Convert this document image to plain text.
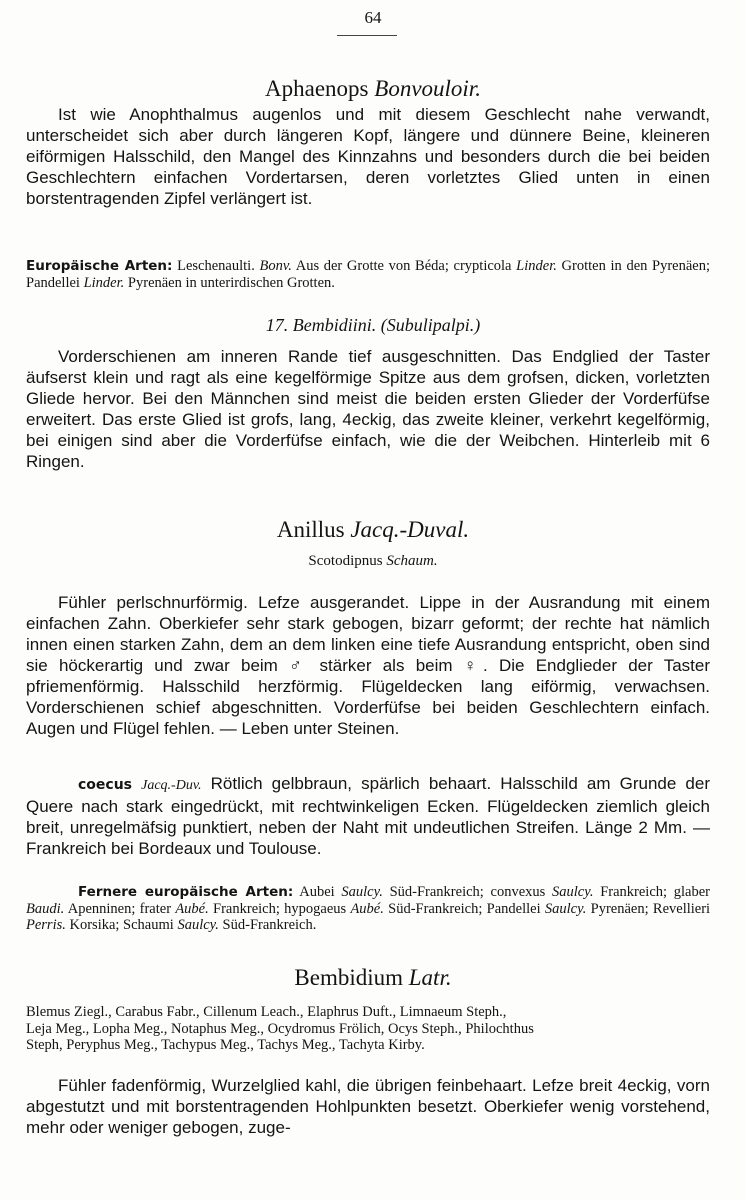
64
Aphaenops Bonvouloir.

Ist wie Anophthalmus augenlos und mit diesem Geschlecht nahe verwandt, unterscheidet sich aber durch längeren Kopf, längere und dünnere Beine, kleineren eiförmigen Halsschild, den Mangel des Kinnzahns und besonders durch die bei beiden Geschlechtern einfachen Vordertarsen, deren vorletztes Glied unten in einen borstentragenden Zipfel verlängert ist.

Europäische Arten: Leschenaulti. Bonv. Aus der Grotte von Béda; crypticola Linder. Grotten in den Pyrenäen; Pandellei Linder. Pyrenäen in unterirdischen Grotten.

17. Bembidiini. (Subulipalpi.)

Vorderschienen am inneren Rande tief ausgeschnitten. Das Endglied der Taster äufserst klein und ragt als eine kegelförmige Spitze aus dem grofsen, dicken, vorletzten Gliede hervor. Bei den Männchen sind meist die beiden ersten Glieder der Vorderfüfse erweitert. Das erste Glied ist grofs, lang, 4eckig, das zweite kleiner, verkehrt kegelförmig, bei einigen sind aber die Vorderfüfse einfach, wie die der Weibchen. Hinterleib mit 6 Ringen.

Anillus Jacq.-Duval.
Scotodipnus Schaum.

Fühler perlschnurförmig. Lefze ausgerandet. Lippe in der Ausrandung mit einem einfachen Zahn. Oberkiefer sehr stark gebogen, bizarr geformt; der rechte hat nämlich innen einen starken Zahn, dem an dem linken eine tiefe Ausrandung entspricht, oben sind sie höckerartig und zwar beim ♂ stärker als beim ♀. Die Endglieder der Taster pfriemenförmig. Halsschild herzförmig. Flügeldecken lang eiförmig, verwachsen. Vorderschienen schief abgeschnitten. Vorderfüfse bei beiden Geschlechtern einfach. Augen und Flügel fehlen. — Leben unter Steinen.

coecus Jacq.-Duv. Rötlich gelbbraun, spärlich behaart. Halsschild am Grunde der Quere nach stark eingedrückt, mit rechtwinkeligen Ecken. Flügeldecken ziemlich gleich breit, unregelmäfsig punktiert, neben der Naht mit undeutlichen Streifen. Länge 2 Mm. — Frankreich bei Bordeaux und Toulouse.

Fernere europäische Arten: Aubei Saulcy. Süd-Frankreich; convexus Saulcy. Frankreich; glaber Baudi. Apenninen; frater Aubé. Frankreich; hypogaeus Aubé. Süd-Frankreich; Pandellei Saulcy. Pyrenäen; Revellieri Perris. Korsika; Schaumi Saulcy. Süd-Frankreich.

Bembidium Latr.
Blemus Ziegl., Carabus Fabr., Cillenum Leach., Elaphrus Duft., Limnaeum Steph.,
Leja Meg., Lopha Meg., Notaphus Meg., Ocydromus Frölich, Ocys Steph., Philochthus
Steph, Peryphus Meg., Tachypus Meg., Tachys Meg., Tachyta Kirby.

Fühler fadenförmig, Wurzelglied kahl, die übrigen feinbehaart. Lefze breit 4eckig, vorn abgestutzt und mit borstentragenden Hohlpunkten besetzt. Oberkiefer wenig vorstehend, mehr oder weniger gebogen, zuge-
